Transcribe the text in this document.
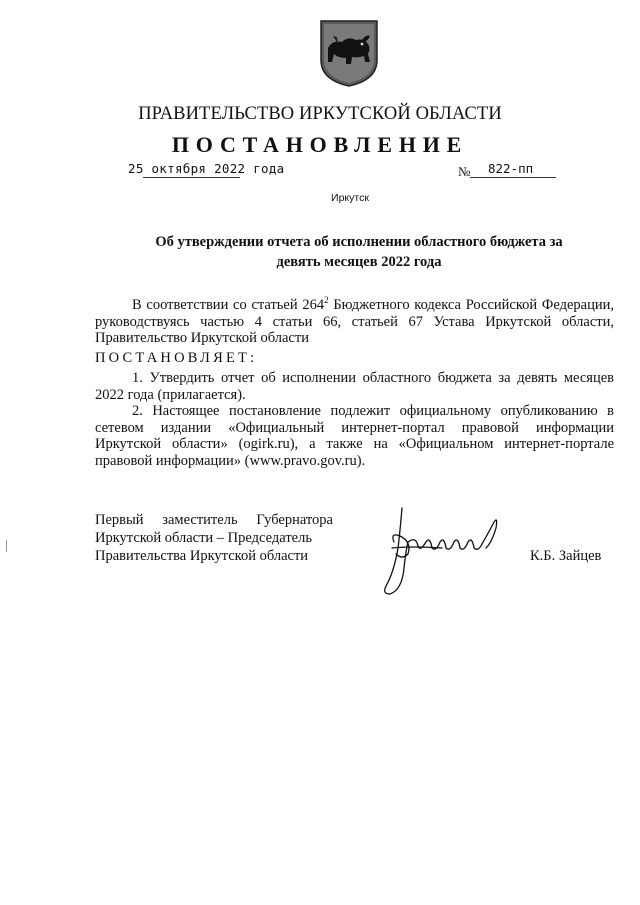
ПРАВИТЕЛЬСТВО ИРКУТСКОЙ ОБЛАСТИ
ПОСТАНОВЛЕНИЕ
25 октября 2022 года	№ 822-пп
Иркутск
Об утверждении отчета об исполнении областного бюджета за
девять месяцев 2022 года

В соответствии со статьей $264^2$ Бюджетного кодекса Российской Федерации, руководствуясь частью 4 статьи 66, статьей 67 Устава Иркутской области, Правительство Иркутской области

ПОСТАНОВЛЯЕТ:

1. Утвердить отчет об исполнении областного бюджета за девять месяцев 2022 года (прилагается).

2. Настоящее постановление подлежит официальному опубликованию в сетевом издании «Официальный интернет-портал правовой информации Иркутской области» (ogirk.ru), а также на «Официальном интернет-портале правовой информации» (www.pravo.gov.ru).

Первый заместитель Губернатора
Иркутской области – Председатель
Правительства Иркутской области	К.Б. Зайцев
